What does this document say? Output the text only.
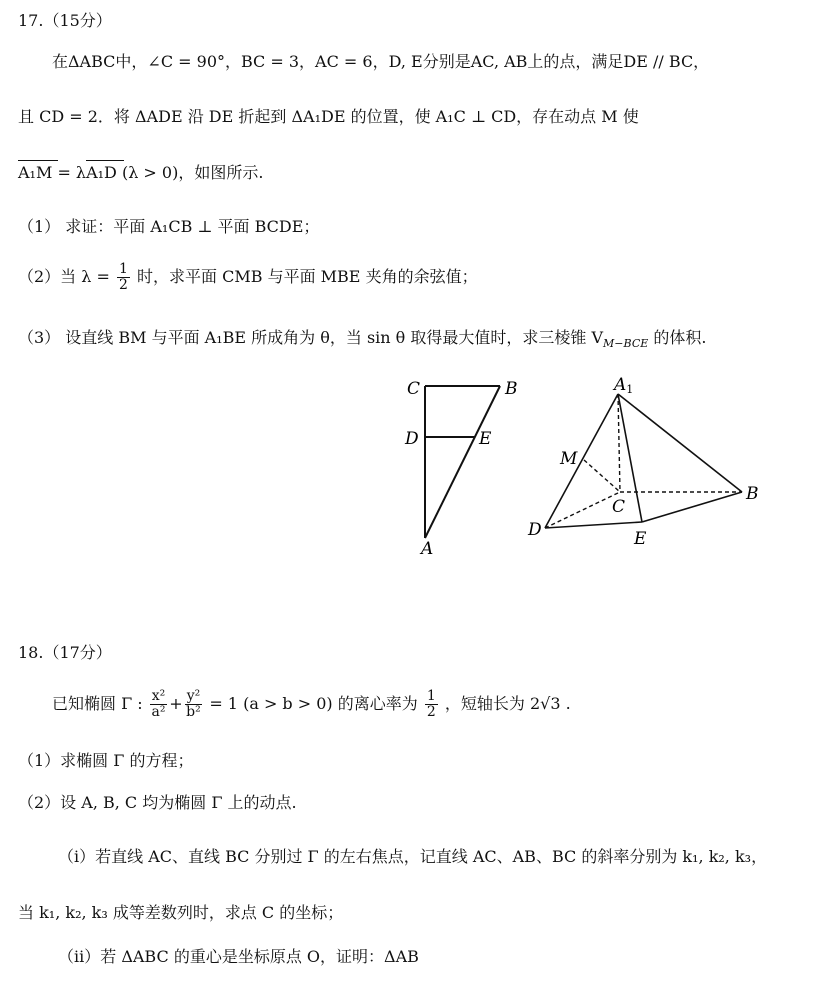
17.（15分）
在ΔABC中，∠C = 90°，BC = 3，AC = 6，D, E分别是AC, AB上的点，满足DE // BC，
且 CD = 2．将 ΔADE 沿 DE 折起到 ΔA₁DE 的位置，使 A₁C ⊥ CD，存在动点 M 使
A₁M = λA₁D (λ > 0)，如图所示.
（1） 求证：平面 A₁CB ⊥ 平面 BCDE；
（2）当 $\lambda = \frac{1}{2}$ 时，求平面 CMB 与平面 MBE 夹角的余弦值；
（3） 设直线 BM 与平面 A₁BE 所成角为 θ，当 sin θ 取得最大值时，求三棱锥 $V_{M-BCE}$ 的体积.
C	B
D	E
A
A1
M
C
B
D	E
18.（17分）
已知椭圆 Γ : $\frac{\text{x²}}{\text{a²}} + \frac{\text{y²}}{\text{b²}} = 1$ (a > b > 0) 的离心率为 $\frac{1}{2}$ ，短轴长为 2√3 .
（1）求椭圆 Γ 的方程；
（2）设 A, B, C 均为椭圆 Γ 上的动点.
（i）若直线 AC、直线 BC 分别过 Γ 的左右焦点，记直线 AC、AB、BC 的斜率分别为 k₁, k₂, k₃，
当 k₁, k₂, k₃ 成等差数列时，求点 C 的坐标；
（ii）若 ΔABC 的重心是坐标原点 O，证明：ΔAB
